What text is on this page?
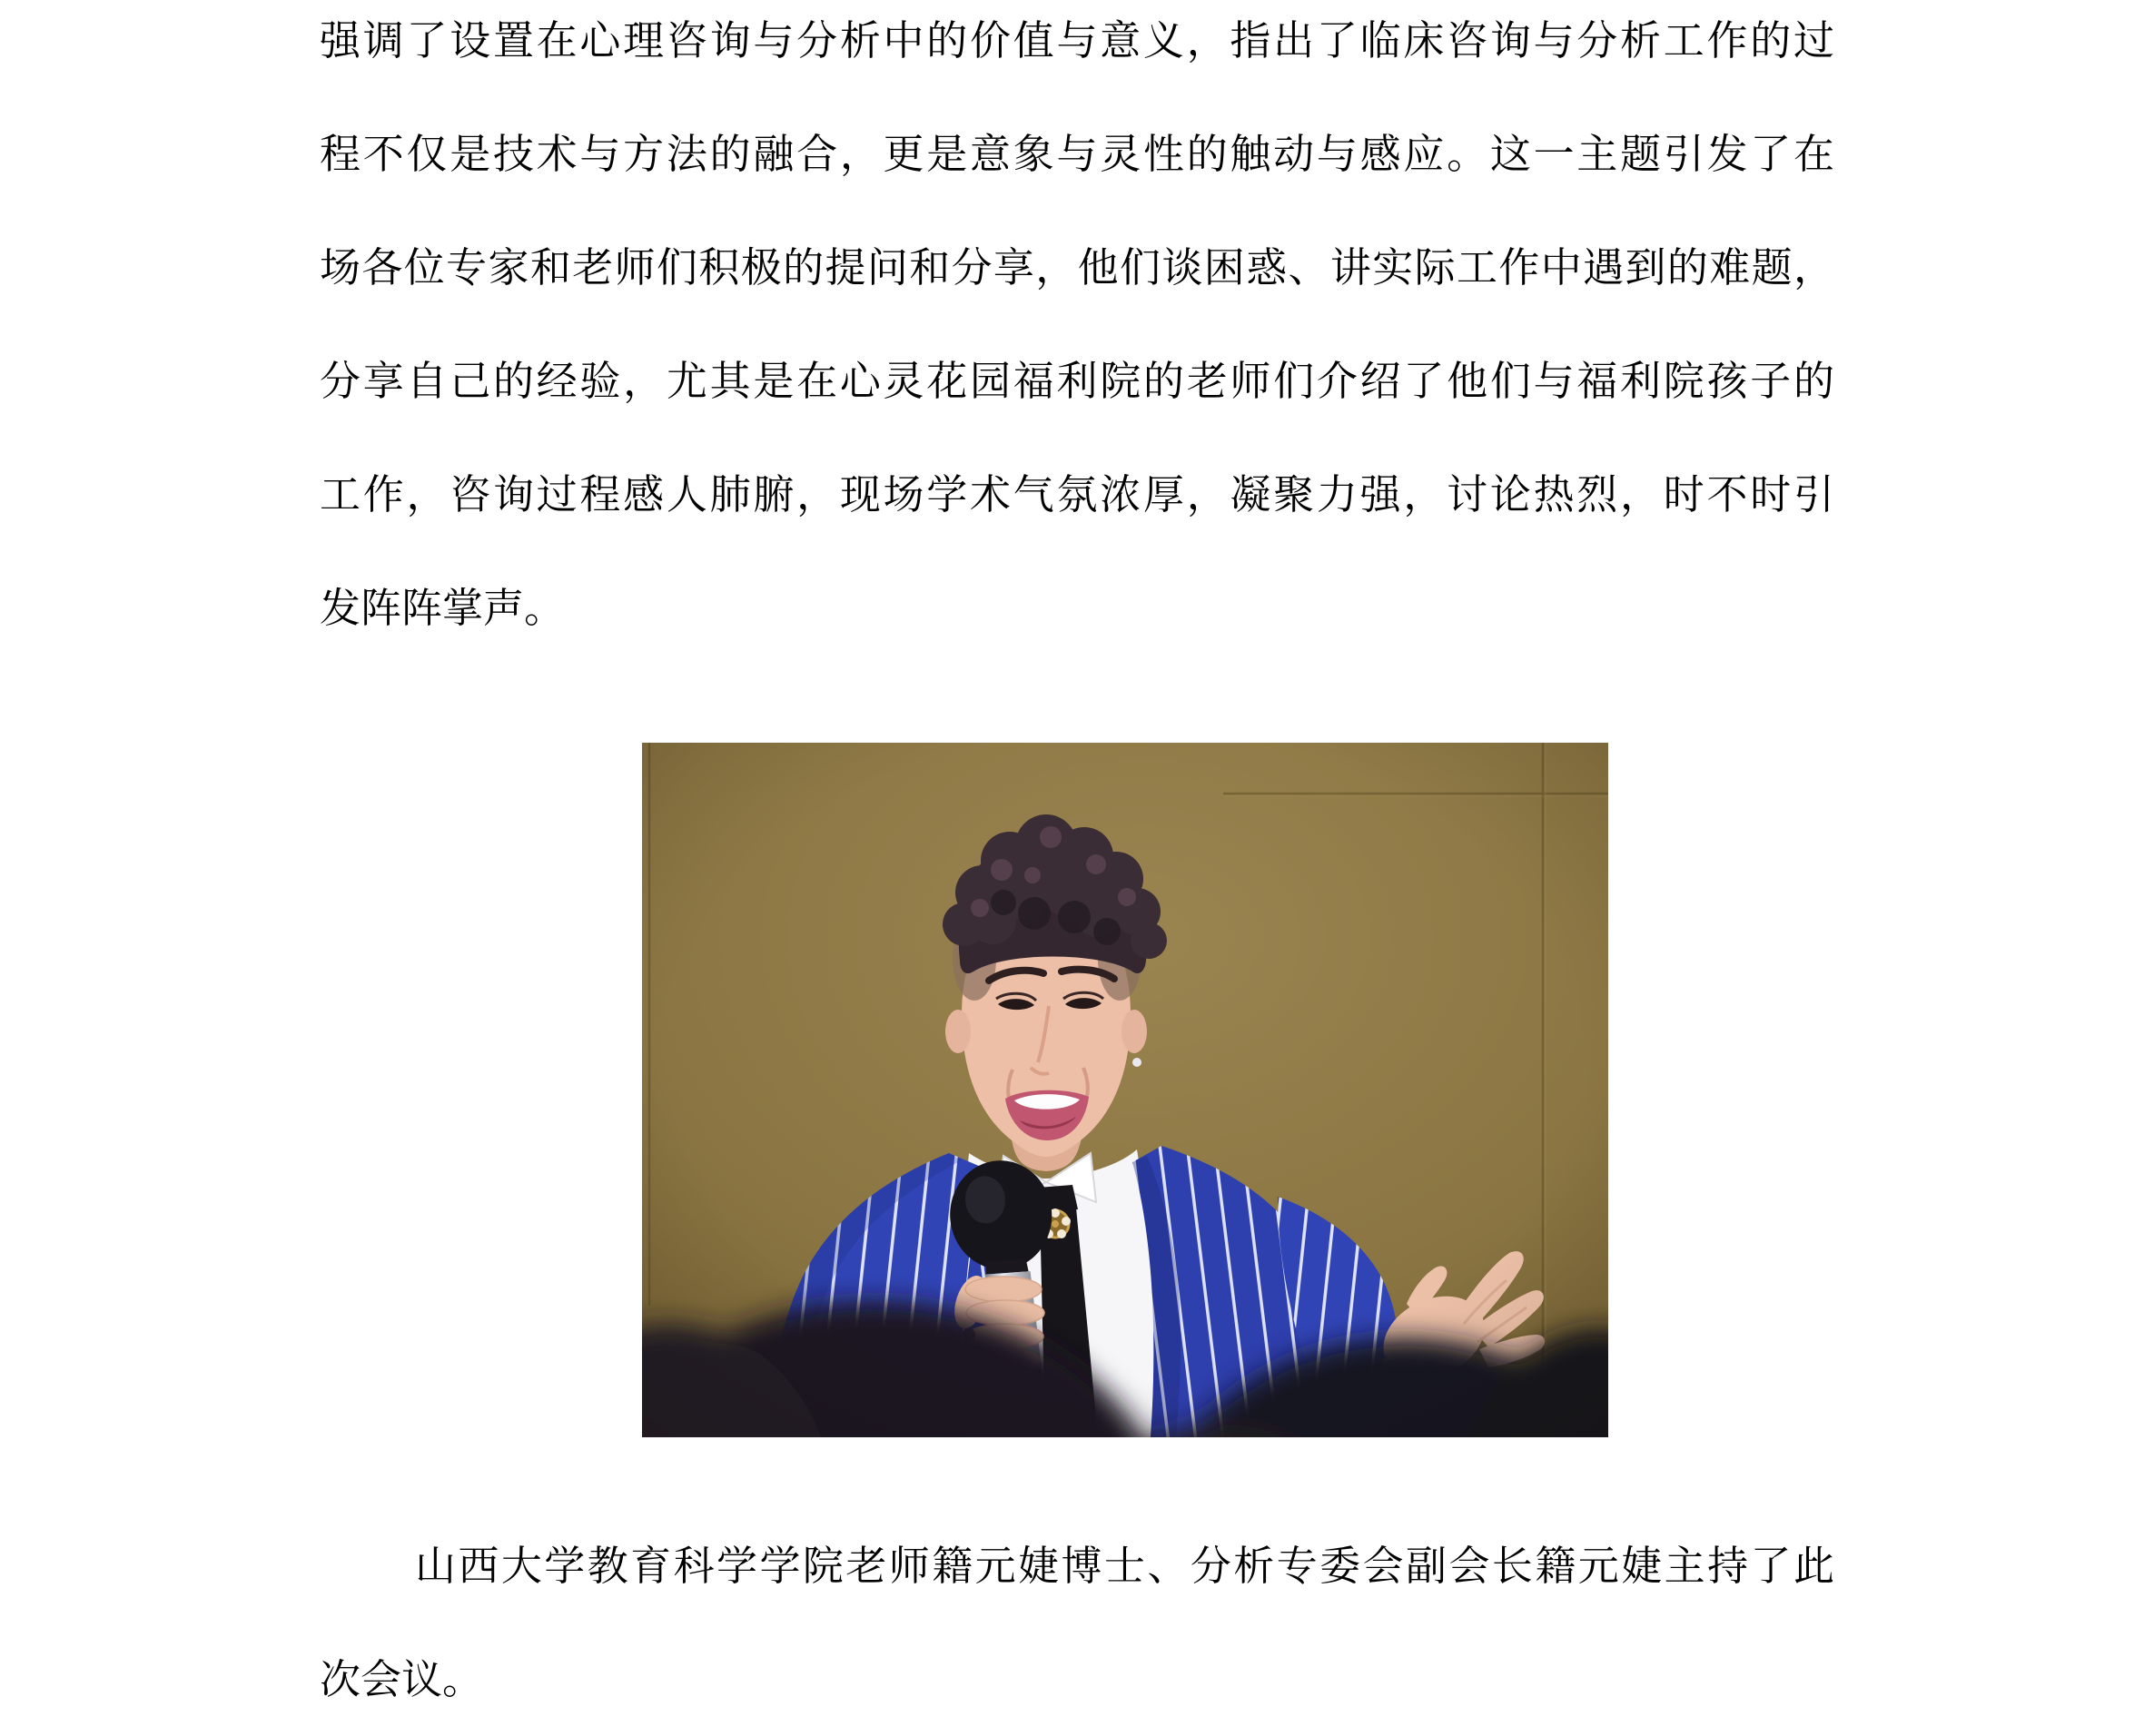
强调了设置在心理咨询与分析中的价值与意义，指出了临床咨询与分析工作的过
程不仅是技术与方法的融合，更是意象与灵性的触动与感应。这一主题引发了在
场各位专家和老师们积极的提问和分享，他们谈困惑、讲实际工作中遇到的难题，
分享自己的经验，尤其是在心灵花园福利院的老师们介绍了他们与福利院孩子的
工作，咨询过程感人肺腑，现场学术气氛浓厚，凝聚力强，讨论热烈，时不时引
发阵阵掌声。
山西大学教育科学学院老师籍元婕博士、分析专委会副会长籍元婕主持了此
次会议。
